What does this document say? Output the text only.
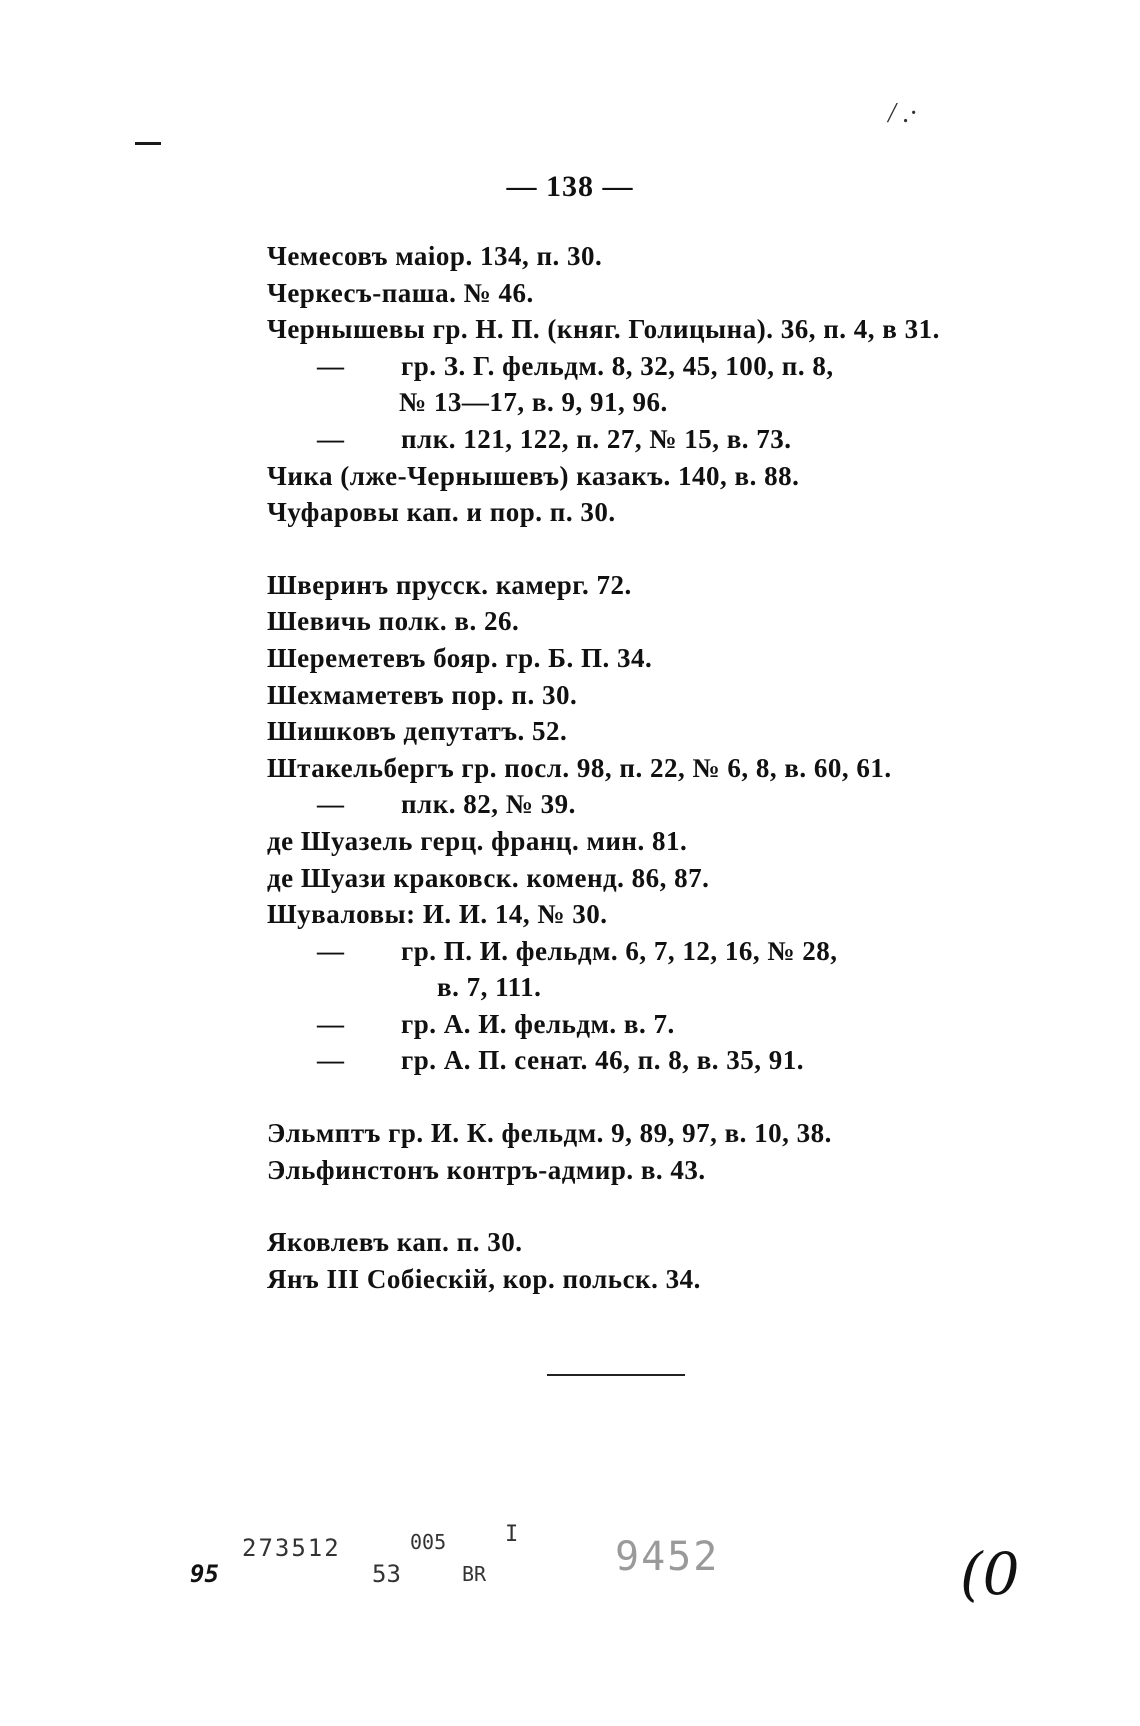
/ .·
— 138 —
Чемесовъ маіор. 134, п. 30.
Черкесъ-паша. № 46.
Чернышевы гр. Н. П. (княг. Голицына). 36, п. 4, в 31.
— гр. З. Г. фельдм. 8, 32, 45, 100, п. 8,
№ 13—17, в. 9, 91, 96.
— плк. 121, 122, п. 27, № 15, в. 73.
Чика (лже-Чернышевъ) казакъ. 140, в. 88.
Чуфаровы кап. и пор. п. 30.
Шверинъ прусск. камерг. 72.
Шевичь полк. в. 26.
Шереметевъ бояр. гр. Б. П. 34.
Шехмаметевъ пор. п. 30.
Шишковъ депутатъ. 52.
Штакельбергъ гр. посл. 98, п. 22, № 6, 8, в. 60, 61.
— плк. 82, № 39.
де Шуазель герц. франц. мин. 81.
де Шуази краковск. коменд. 86, 87.
Шуваловы: И. И. 14, № 30.
— гр. П. И. фельдм. 6, 7, 12, 16, № 28,
в. 7, 111.
— гр. А. И. фельдм. в. 7.
— гр. А. П. сенат. 46, п. 8, в. 35, 91.
Эльмптъ гр. И. К. фельдм. 9, 89, 97, в. 10, 38.
Эльфинстонъ контръ-адмир. в. 43.
Яковлевъ кап. п. 30.
Янъ III Собіескій, кор. польск. 34.
95
273512
53
005
BR
I 9452	(0
